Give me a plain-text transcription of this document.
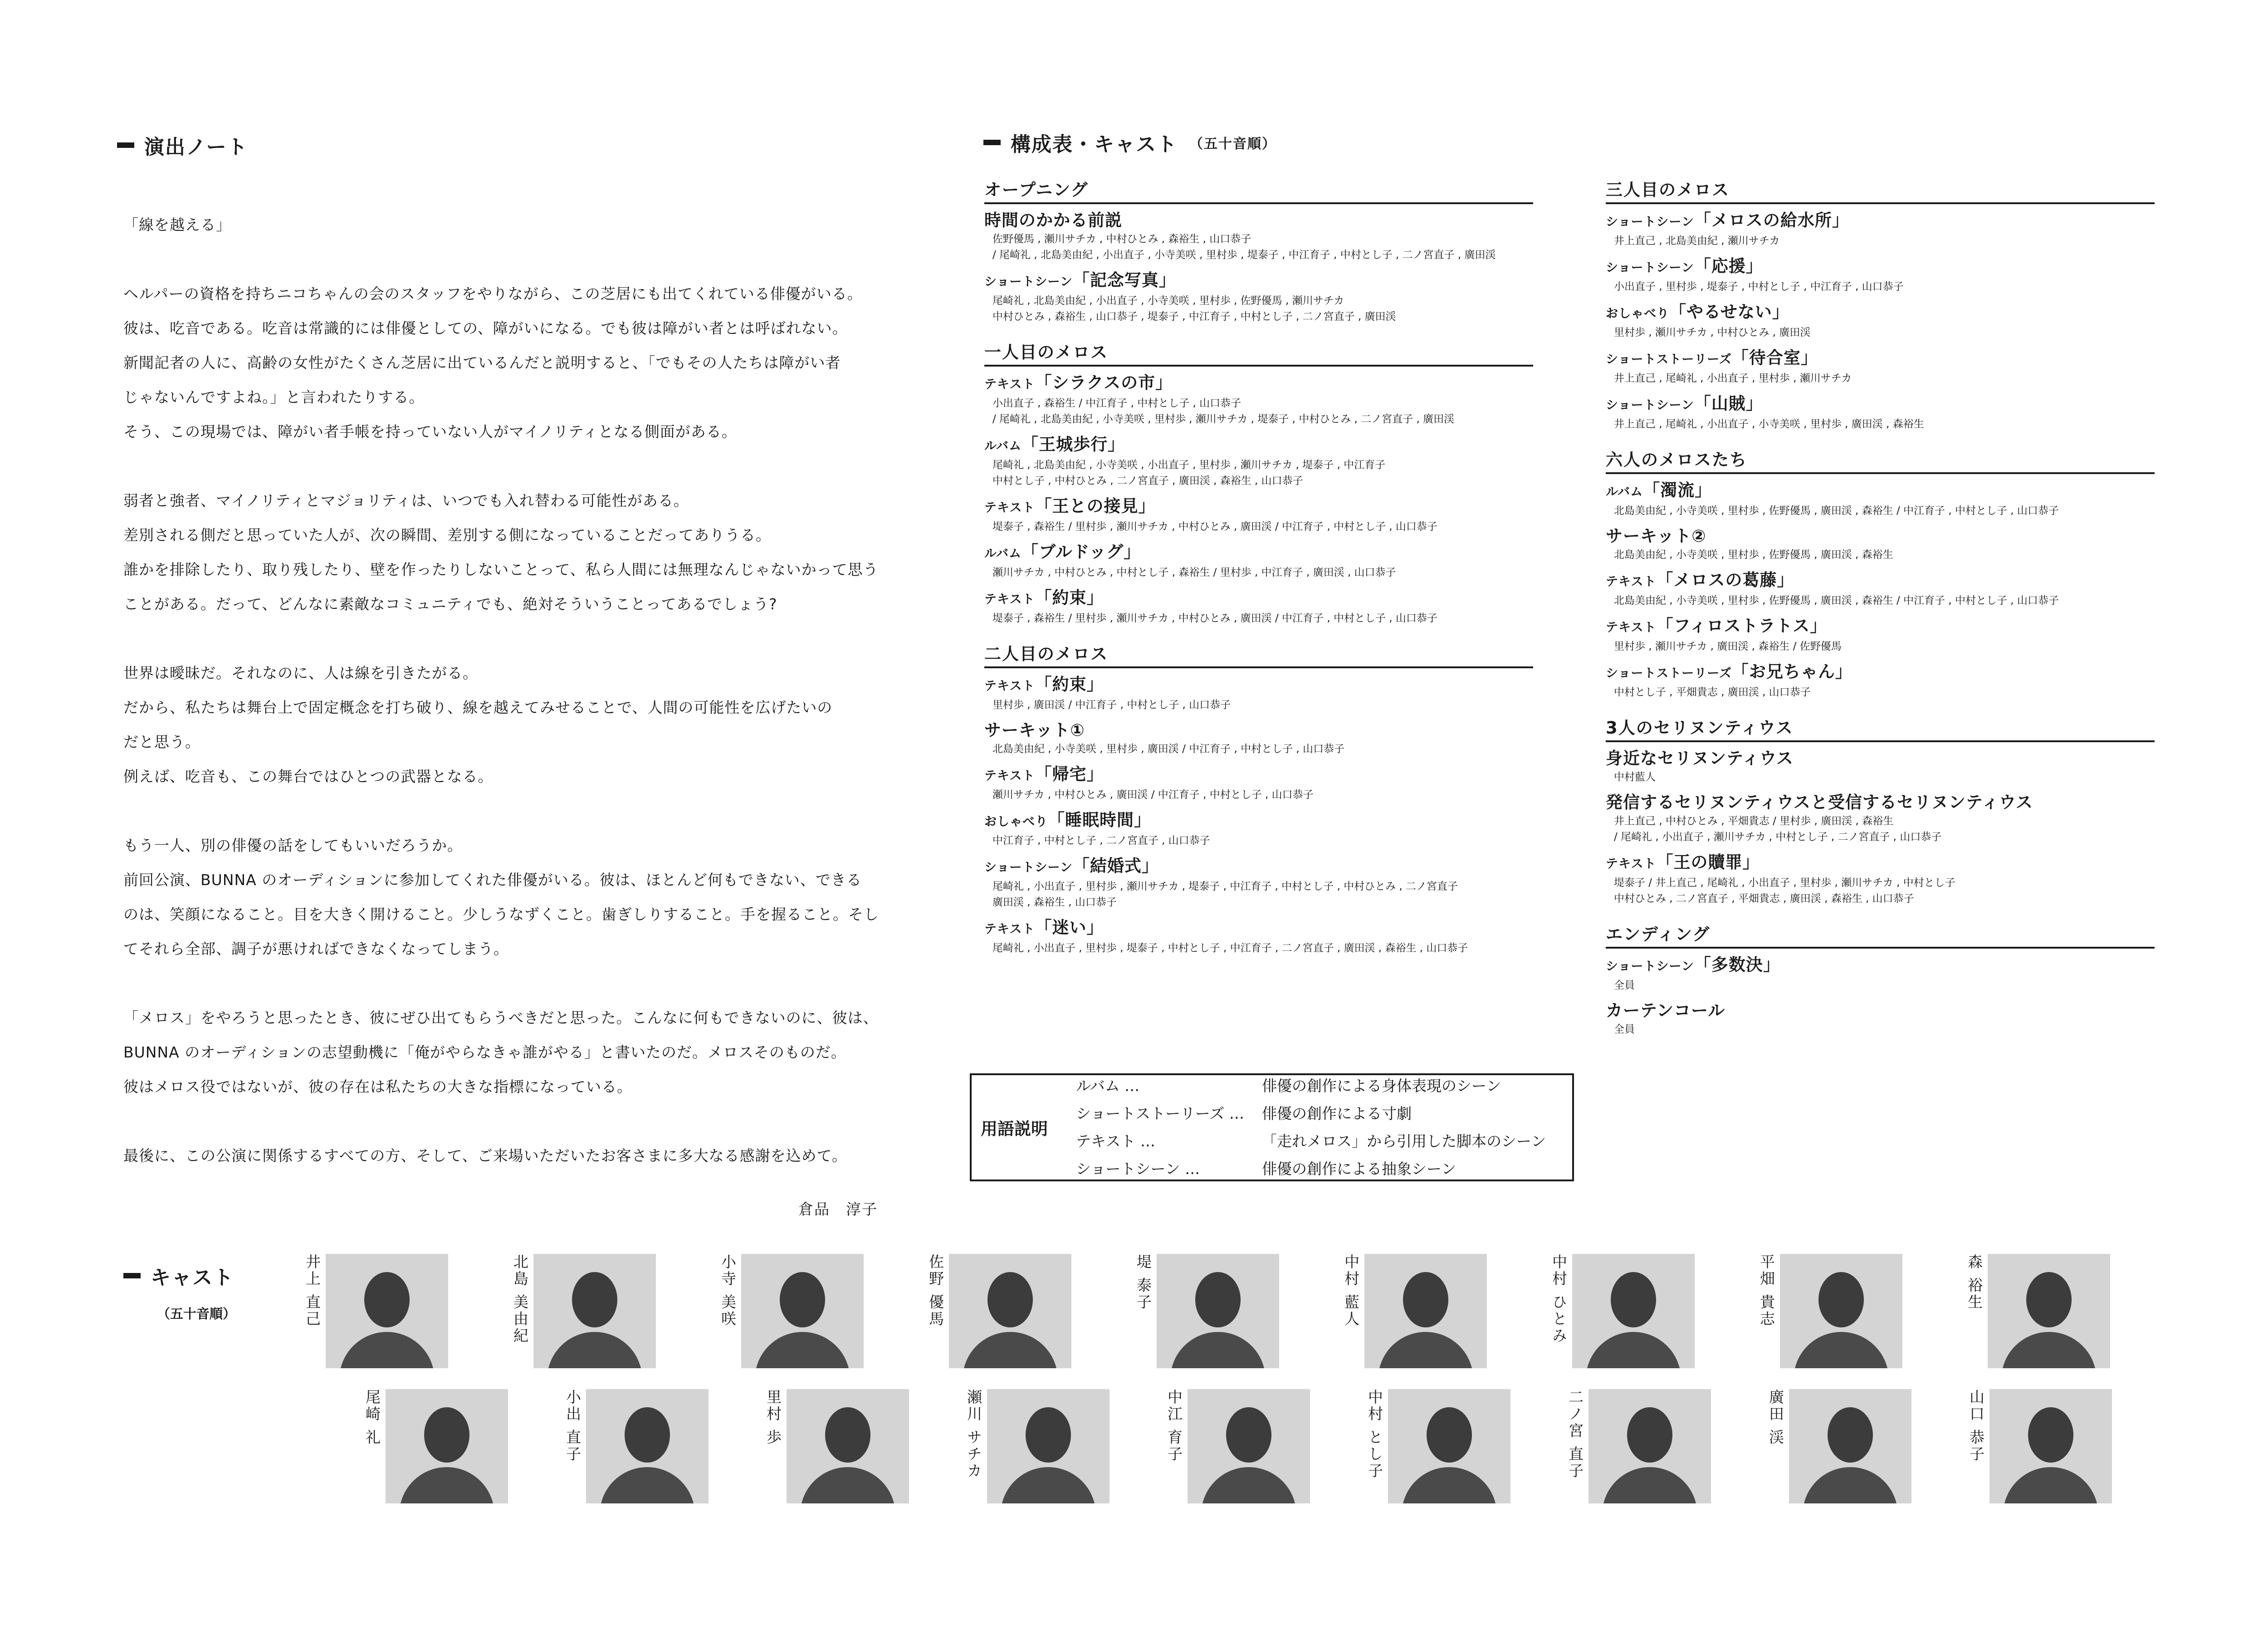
演出ノート

「線を越える」

ヘルパーの資格を持ちニコちゃんの会のスタッフをやりながら、この芝居にも出てくれている俳優がいる。

彼は、吃音である。吃音は常識的には俳優としての、障がいになる。でも彼は障がい者とは呼ばれない。

新聞記者の人に、高齢の女性がたくさん芝居に出ているんだと説明すると、「でもその人たちは障がい者

じゃないんですよね。」と言われたりする。

そう、この現場では、障がい者手帳を持っていない人がマイノリティとなる側面がある。

弱者と強者、マイノリティとマジョリティは、いつでも入れ替わる可能性がある。

差別される側だと思っていた人が、次の瞬間、差別する側になっていることだってありうる。

誰かを排除したり、取り残したり、壁を作ったりしないことって、私ら人間には無理なんじゃないかって思う

ことがある。だって、どんなに素敵なコミュニティでも、絶対そういうことってあるでしょう?

世界は曖昧だ。それなのに、人は線を引きたがる。

だから、私たちは舞台上で固定概念を打ち破り、線を越えてみせることで、人間の可能性を広げたいの

だと思う。

例えば、吃音も、この舞台ではひとつの武器となる。

もう一人、別の俳優の話をしてもいいだろうか。

前回公演、BUNNA のオーディションに参加してくれた俳優がいる。彼は、ほとんど何もできない、できる

のは、笑顔になること。目を大きく開けること。少しうなずくこと。歯ぎしりすること。手を握ること。そし

てそれら全部、調子が悪ければできなくなってしまう。

「メロス」をやろうと思ったとき、彼にぜひ出てもらうべきだと思った。こんなに何もできないのに、彼は、

BUNNA のオーディションの志望動機に「俺がやらなきゃ誰がやる」と書いたのだ。メロスそのものだ。

彼はメロス役ではないが、彼の存在は私たちの大きな指標になっている。

最後に、この公演に関係するすべての方、そして、ご来場いただいたお客さまに多大なる感謝を込めて。

倉品　淳子
構成表・キャスト （五十音順）
オープニング
時間のかかる前説
佐野優馬 , 瀬川サチカ , 中村ひとみ , 森裕生 , 山口恭子
/ 尾崎礼 , 北島美由紀 , 小出直子 , 小寺美咲 , 里村歩 , 堤泰子 , 中江育子 , 中村とし子 , 二ノ宮直子 , 廣田渓
ショートシーン「記念写真」
尾崎礼 , 北島美由紀 , 小出直子 , 小寺美咲 , 里村歩 , 佐野優馬 , 瀬川サチカ
中村ひとみ , 森裕生 , 山口恭子 , 堤泰子 , 中江育子 , 中村とし子 , 二ノ宮直子 , 廣田渓
一人目のメロス
テキスト「シラクスの市」
小出直子 , 森裕生 / 中江育子 , 中村とし子 , 山口恭子
/ 尾崎礼 , 北島美由紀 , 小寺美咲 , 里村歩 , 瀬川サチカ , 堤泰子 , 中村ひとみ , 二ノ宮直子 , 廣田渓
ルバム「王城歩行」
尾崎礼 , 北島美由紀 , 小寺美咲 , 小出直子 , 里村歩 , 瀬川サチカ , 堤泰子 , 中江育子
中村とし子 , 中村ひとみ , 二ノ宮直子 , 廣田渓 , 森裕生 , 山口恭子
テキスト「王との接見」
堤泰子 , 森裕生 / 里村歩 , 瀬川サチカ , 中村ひとみ , 廣田渓 / 中江育子 , 中村とし子 , 山口恭子
ルバム「ブルドッグ」
瀬川サチカ , 中村ひとみ , 中村とし子 , 森裕生 / 里村歩 , 中江育子 , 廣田渓 , 山口恭子
テキスト「約束」
堤泰子 , 森裕生 / 里村歩 , 瀬川サチカ , 中村ひとみ , 廣田渓 / 中江育子 , 中村とし子 , 山口恭子
二人目のメロス
テキスト「約束」
里村歩 , 廣田渓 / 中江育子 , 中村とし子 , 山口恭子
サーキット①
北島美由紀 , 小寺美咲 , 里村歩 , 廣田渓 / 中江育子 , 中村とし子 , 山口恭子
テキスト「帰宅」
瀬川サチカ , 中村ひとみ , 廣田渓 / 中江育子 , 中村とし子 , 山口恭子
おしゃべり「睡眠時間」
中江育子 , 中村とし子 , 二ノ宮直子 , 山口恭子
ショートシーン「結婚式」
尾崎礼 , 小出直子 , 里村歩 , 瀬川サチカ , 堤泰子 , 中江育子 , 中村とし子 , 中村ひとみ , 二ノ宮直子
廣田渓 , 森裕生 , 山口恭子
テキスト「迷い」
尾崎礼 , 小出直子 , 里村歩 , 堤泰子 , 中村とし子 , 中江育子 , 二ノ宮直子 , 廣田渓 , 森裕生 , 山口恭子
三人目のメロス
ショートシーン「メロスの給水所」
井上直己 , 北島美由紀 , 瀬川サチカ
ショートシーン「応援」
小出直子 , 里村歩 , 堤泰子 , 中村とし子 , 中江育子 , 山口恭子
おしゃべり「やるせない」
里村歩 , 瀬川サチカ , 中村ひとみ , 廣田渓
ショートストーリーズ「待合室」
井上直己 , 尾崎礼 , 小出直子 , 里村歩 , 瀬川サチカ
ショートシーン「山賊」
井上直己 , 尾崎礼 , 小出直子 , 小寺美咲 , 里村歩 , 廣田渓 , 森裕生
六人のメロスたち
ルバム「濁流」
北島美由紀 , 小寺美咲 , 里村歩 , 佐野優馬 , 廣田渓 , 森裕生 / 中江育子 , 中村とし子 , 山口恭子
サーキット②
北島美由紀 , 小寺美咲 , 里村歩 , 佐野優馬 , 廣田渓 , 森裕生
テキスト「メロスの葛藤」
北島美由紀 , 小寺美咲 , 里村歩 , 佐野優馬 , 廣田渓 , 森裕生 / 中江育子 , 中村とし子 , 山口恭子
テキスト「フィロストラトス」
里村歩 , 瀬川サチカ , 廣田渓 , 森裕生 / 佐野優馬
ショートストーリーズ「お兄ちゃん」
中村とし子 , 平畑貴志 , 廣田渓 , 山口恭子
3人のセリヌンティウス
身近なセリヌンティウス
中村藍人
発信するセリヌンティウスと受信するセリヌンティウス
井上直己 , 中村ひとみ , 平畑貴志 / 里村歩 , 廣田渓 , 森裕生
/ 尾崎礼 , 小出直子 , 瀬川サチカ , 中村とし子 , 二ノ宮直子 , 山口恭子
テキスト「王の贖罪」
堤泰子 / 井上直己 , 尾崎礼 , 小出直子 , 里村歩 , 瀬川サチカ , 中村とし子
中村ひとみ , 二ノ宮直子 , 平畑貴志 , 廣田渓 , 森裕生 , 山口恭子
エンディング
ショートシーン「多数決」
全員
カーテンコール
全員
用語説明
ルバム …	俳優の創作による身体表現のシーン
ショートストーリーズ …	俳優の創作による寸劇
テキスト …	「走れメロス」から引用した脚本のシーン
ショートシーン …	俳優の創作による抽象シーン
キャスト
（五十音順）	井上 直己	北島 美由紀	小寺 美咲	佐野 優馬	堤 泰子	中村 藍人	中村 ひとみ	平畑 貴志	森 裕生
尾崎 礼	小出 直子	里村 歩	瀬川 サチカ	中江 育子	中村 とし子	二ノ宮 直子	廣田 渓	山口 恭子
